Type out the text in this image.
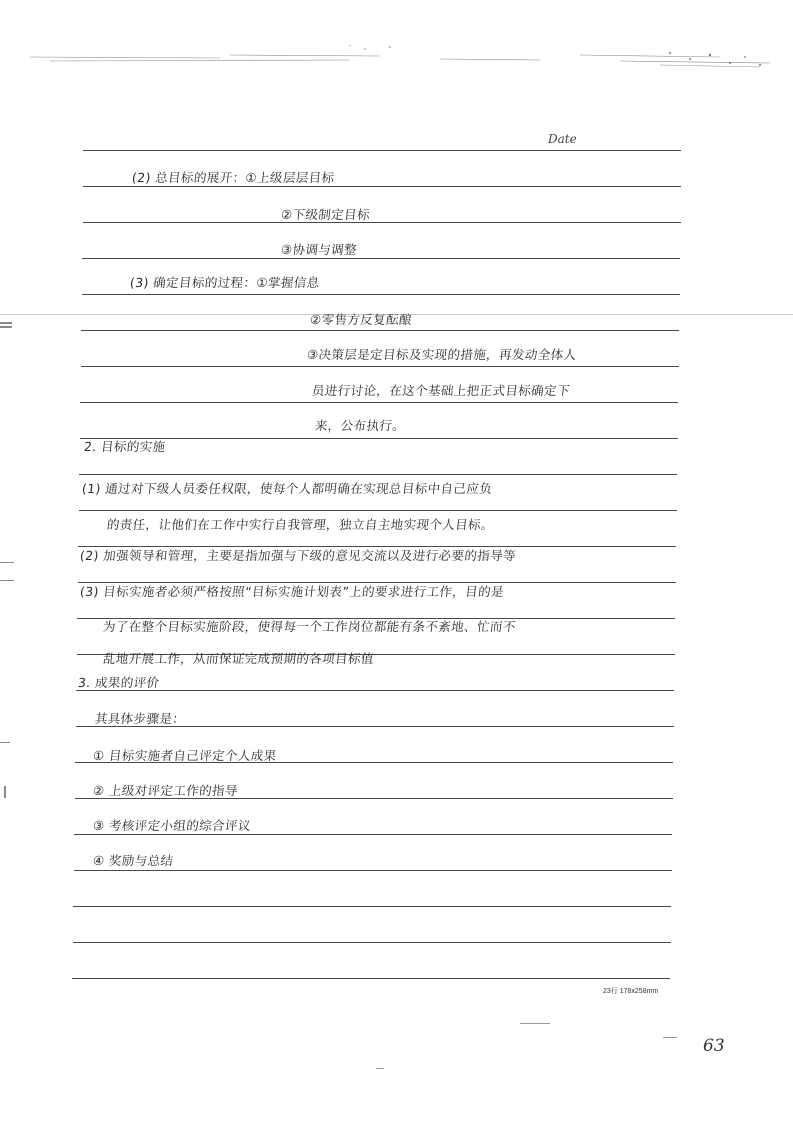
Date
(2) 总目标的展开：①上级层层目标
②下级制定目标
③协调与调整
(3) 确定目标的过程：①掌握信息
②零售方反复酝酿
③决策层是定目标及实现的措施，再发动全体人
员进行讨论，在这个基础上把正式目标确定下
来，公布执行。
2. 目标的实施
(1) 通过对下级人员委任权限，使每个人都明确在实现总目标中自己应负
的责任，让他们在工作中实行自我管理，独立自主地实现个人目标。
(2) 加强领导和管理，主要是指加强与下级的意见交流以及进行必要的指导等
(3) 目标实施者必须严格按照“目标实施计划表”上的要求进行工作，目的是
为了在整个目标实施阶段，使得每一个工作岗位都能有条不紊地、忙而不
乱地开展工作，从而保证完成预期的各项目标值
3. 成果的评价
其具体步骤是：
① 目标实施者自己评定个人成果
② 上级对评定工作的指导
③ 考核评定小组的综合评议
④ 奖励与总结
23行 178x258mm
63
